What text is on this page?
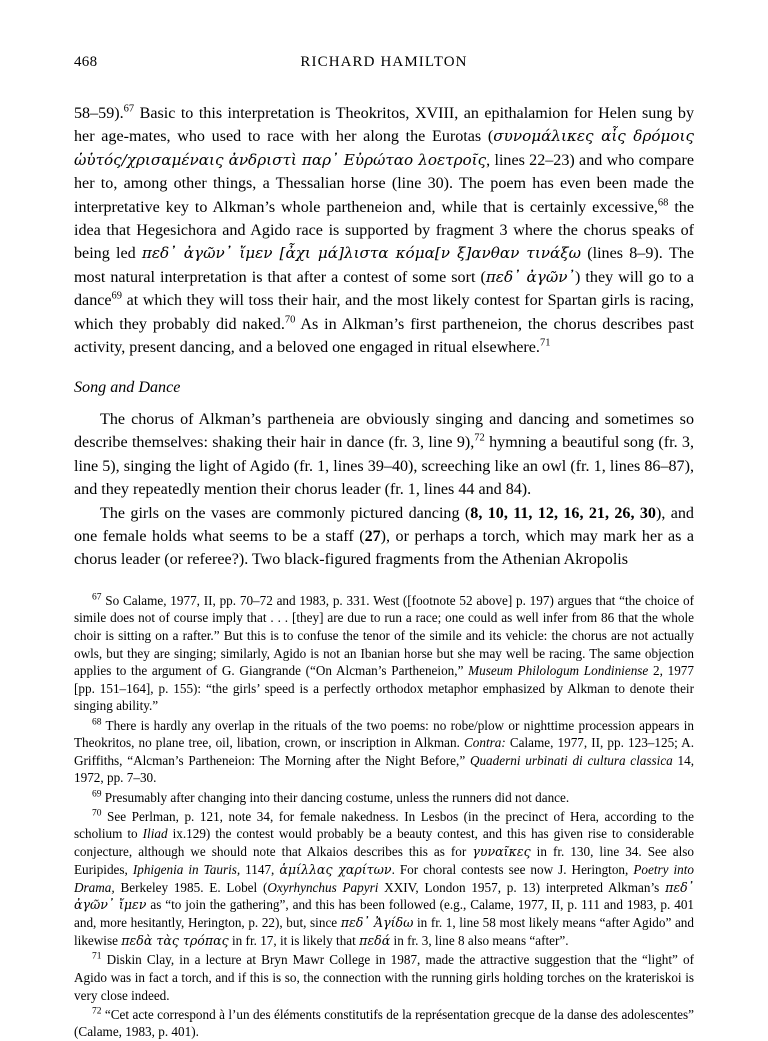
468	RICHARD HAMILTON

58–59).$^{67}$ Basic to this interpretation is Theokritos, XVIII, an epithalamion for Helen sung by her age-mates, who used to race with her along the Eurotas (συνομάλικες αἷς δρόμοις ὡὑτός/χρισαμέναις ἀνδριστὶ παρ᾽ Εὐρώταο λοετροῖς, lines 22–23) and who compare her to, among other things, a Thessalian horse (line 30). The poem has even been made the interpretative key to Alkman’s whole partheneion and, while that is certainly excessive,$^{68}$ the idea that Hegesichora and Agido race is supported by fragment 3 where the chorus speaks of being led πεδ᾽ ἀγῶν᾽ ἴμεν [ἆχι μά]λιστα κόμα[ν ξ]ανθαν τινάξω (lines 8–9). The most natural interpretation is that after a contest of some sort (πεδ᾽ ἀγῶν᾽) they will go to a dance$^{69}$ at which they will toss their hair, and the most likely contest for Spartan girls is racing, which they probably did naked.$^{70}$ As in Alkman’s first partheneion, the chorus describes past activity, present dancing, and a beloved one engaged in ritual elsewhere.$^{71}$

Song and Dance

The chorus of Alkman’s partheneia are obviously singing and dancing and sometimes so describe themselves: shaking their hair in dance (fr. 3, line 9),$^{72}$ hymning a beautiful song (fr. 3, line 5), singing the light of Agido (fr. 1, lines 39–40), screeching like an owl (fr. 1, lines 86–87), and they repeatedly mention their chorus leader (fr. 1, lines 44 and 84).

The girls on the vases are commonly pictured dancing (8, 10, 11, 12, 16, 21, 26, 30), and one female holds what seems to be a staff (27), or perhaps a torch, which may mark her as a chorus leader (or referee?). Two black-figured fragments from the Athenian Akropolis

$^{67}$ So Calame, 1977, II, pp. 70–72 and 1983, p. 331. West ([footnote 52 above] p. 197) argues that “the choice of simile does not of course imply that . . . [they] are due to run a race; one could as well infer from 86 that the whole choir is sitting on a rafter.” But this is to confuse the tenor of the simile and its vehicle: the chorus are not actually owls, but they are singing; similarly, Agido is not an Ibanian horse but she may well be racing. The same objection applies to the argument of G. Giangrande (“On Alcman’s Partheneion,” Museum Philologum Londiniense 2, 1977 [pp. 151–164], p. 155): “the girls’ speed is a perfectly orthodox metaphor emphasized by Alkman to denote their singing ability.”

$^{68}$ There is hardly any overlap in the rituals of the two poems: no robe/plow or nighttime procession appears in Theokritos, no plane tree, oil, libation, crown, or inscription in Alkman. Contra: Calame, 1977, II, pp. 123–125; A. Griffiths, “Alcman’s Partheneion: The Morning after the Night Before,” Quaderni urbinati di cultura classica 14, 1972, pp. 7–30.

$^{69}$ Presumably after changing into their dancing costume, unless the runners did not dance.

$^{70}$ See Perlman, p. 121, note 34, for female nakedness. In Lesbos (in the precinct of Hera, according to the scholium to Iliad ix.129) the contest would probably be a beauty contest, and this has given rise to considerable conjecture, although we should note that Alkaios describes this as for γυναῖκες in fr. 130, line 34. See also Euripides, Iphigenia in Tauris, 1147, ἁμίλλας χαρίτων. For choral contests see now J. Herington, Poetry into Drama, Berkeley 1985. E. Lobel (Oxyrhynchus Papyri XXIV, London 1957, p. 13) interpreted Alkman’s πεδ᾽ ἀγῶν᾽ ἴμεν as “to join the gathering”, and this has been followed (e.g., Calame, 1977, II, p. 111 and 1983, p. 401 and, more hesitantly, Herington, p. 22), but, since πεδ᾽ Ἀγίδω in fr. 1, line 58 most likely means “after Agido” and likewise πεδὰ τὰς τρόπας in fr. 17, it is likely that πεδά in fr. 3, line 8 also means “after”.

$^{71}$ Diskin Clay, in a lecture at Bryn Mawr College in 1987, made the attractive suggestion that the “light” of Agido was in fact a torch, and if this is so, the connection with the running girls holding torches on the krateriskoi is very close indeed.

$^{72}$ “Cet acte correspond à l’un des éléments constitutifs de la représentation grecque de la danse des adolescentes” (Calame, 1983, p. 401).
